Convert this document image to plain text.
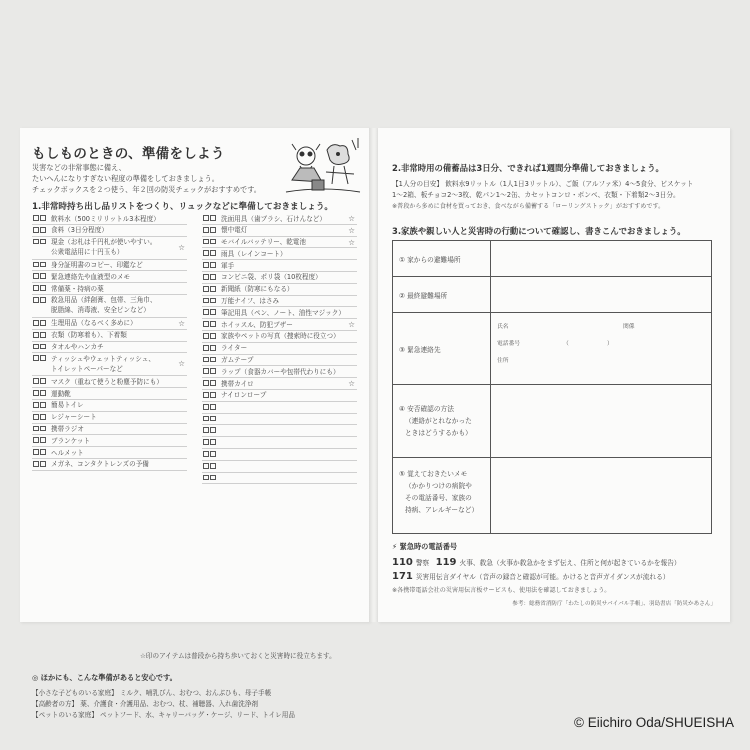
もしものときの、準備をしよう
災害などの非常事態に備え、
たいへんになりすぎない程度の準備をしておきましょう。
チェックボックスを２つ使う、年２回の防災チェックがおすすめです。
1.非常時持ち出し品リストをつくり、リュックなどに準備しておきましょう。
飲料水（500ミリリットル3本程度）
食料（3日分程度）
現金（お札は千円札が使いやすい。
公衆電話用に十円玉も）
☆
身分証明書のコピー、印鑑など
緊急連絡先や血液型のメモ
常備薬・持病の薬
救急用品（絆創膏、包帯、三角巾、
脱脂綿、消毒液、安全ピンなど）
生理用品（なるべく多めに）	☆
衣類（防寒着も）、下着類
タオルやハンカチ
ティッシュやウェットティッシュ、
トイレットペーパーなど
☆
マスク（重ねて使うと粉塵予防にも）
運動靴
簡易トイレ
レジャーシート
携帯ラジオ
ブランケット
ヘルメット
メガネ、コンタクトレンズの予備
洗面用具（歯ブラシ、石けんなど）	☆
懐中電灯	☆
モバイルバッテリー、乾電池	☆
雨具（レインコート）
軍手
コンビニ袋、ポリ袋（10枚程度）
新聞紙（防寒にもなる）
万能ナイフ、はさみ
筆記用具（ペン、ノート、油性マジック）
ホイッスル、防犯ブザー	☆
家族やペットの写真（捜索時に役立つ）
ライター
ガムテープ
ラップ（食器カバーや包帯代わりにも）
携帯カイロ	☆
ナイロンロープ
☆印のアイテムは普段から持ち歩いておくと災害時に役立ちます。
◎ ほかにも、こんな準備があると安心です。
【小さな子どものいる家庭】 ミルク、哺乳びん、おむつ、おんぶひも、母子手帳
【高齢者の方】 薬、介護食・介護用品、おむつ、杖、補聴器、入れ歯洗浄剤
【ペットのいる家庭】 ペットフード、水、キャリーバッグ・ケージ、リード、トイレ用品
2.非常時用の備蓄品は3日分、できれば1週間分準備しておきましょう。
【1人分の目安】 飲料水9リットル（1人1日3リットル）、ご飯（アルファ米）4〜5食分、ビスケット
1〜2箱、板チョコ2〜3枚、乾パン1〜2缶、カセットコンロ・ボンベ、衣類・下着類2〜3日分。
※普段から多めに食材を買っておき、食べながら備蓄する「ローリングストック」がおすすめです。
3.家族や親しい人と災害時の行動について確認し、書きこんでおきましょう。
① 家からの避難場所
② 最終避難場所
③ 緊急連絡先
氏名	関係
電話番号	（	）
住所
④ 安否確認の方法
（連絡がとれなかった
ときはどうするかも）
⑤ 覚えておきたいメモ
（かかりつけの病院や
その電話番号、家族の
持病、アレルギーなど）
⚡ 緊急時の電話番号
110 警察 119 火事、救急（火事か救急かをまず伝え、住所と何が起きているかを報告）
171 災害用伝言ダイヤル（音声の録音と確認が可能。かけると音声ガイダンスが流れる）
※各携帯電話会社の災害用伝言板サービスも、使用法を確認しておきましょう。
参考：総務省消防庁「わたしの防災サバイバル手帳」、羽島書店「防災かあさん」
© Eiichiro Oda/SHUEISHA
